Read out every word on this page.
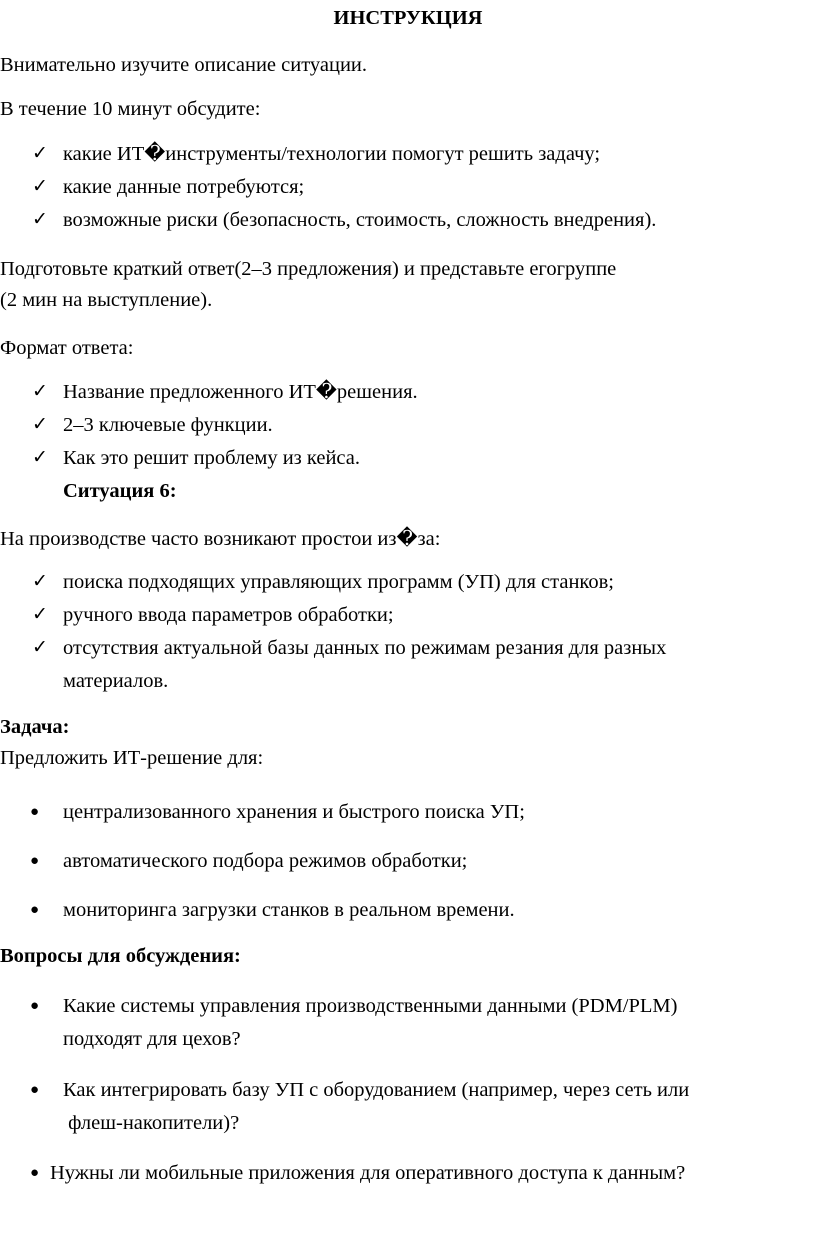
ИНСТРУКЦИЯ
Внимательно изучите описание ситуации.
В течение 10 минут обсудите:
✓ какие ИТ�инструменты/технологии помогут решить задачу;
✓ какие данные потребуются;
✓ возможные риски (безопасность, стоимость, сложность внедрения).
Подготовьте краткий ответ(2–3 предложения) и представьте егогруппе
(2 мин на выступление).
Формат ответа:
✓ Название предложенного ИТ�решения.
✓ 2–3 ключевые функции.
✓ Как это решит проблему из кейса.
Ситуация 6:
На производстве часто возникают простои из�за:
✓ поиска подходящих управляющих программ (УП) для станков;
✓ ручного ввода параметров обработки;
✓ отсутствия актуальной базы данных по режимам резания для разных
материалов.
Задача:
Предложить ИТ-решение для:
● централизованного хранения и быстрого поиска УП;
● автоматического подбора режимов обработки;
● мониторинга загрузки станков в реальном времени.
Вопросы для обсуждения:
● Какие системы управления производственными данными (PDM/PLM)
подходят для цехов?
● Как интегрировать базу УП с оборудованием (например, через сеть или
флеш-накопители)?
● Нужны ли мобильные приложения для оперативного доступа к данным?
